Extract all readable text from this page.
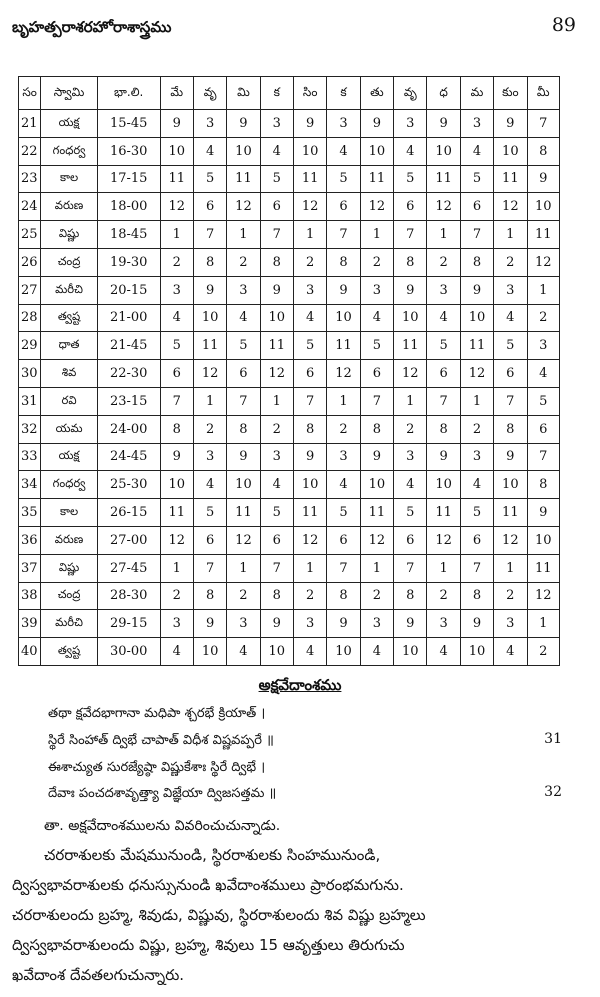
బృహత్పరాశరహోరాశాస్త్రము	89
సం	స్వామి	భా.లి.	మే	వృ	మి	క	సిం	క	తు	వృ	ధ	మ	కుం	మీ
21	యక్ష	15-45	9	3	9	3	9	3	9	3	9	3	9	7
22	గంధర్వ	16-30	10	4	10	4	10	4	10	4	10	4	10	8
23	కాల	17-15	11	5	11	5	11	5	11	5	11	5	11	9
24	వరుణ	18-00	12	6	12	6	12	6	12	6	12	6	12	10
25	విష్ణు	18-45	1	7	1	7	1	7	1	7	1	7	1	11
26	చంద్ర	19-30	2	8	2	8	2	8	2	8	2	8	2	12
27	మరీచి	20-15	3	9	3	9	3	9	3	9	3	9	3	1
28	త్వష్ట	21-00	4	10	4	10	4	10	4	10	4	10	4	2
29	ధాత	21-45	5	11	5	11	5	11	5	11	5	11	5	3
30	శివ	22-30	6	12	6	12	6	12	6	12	6	12	6	4
31	రవి	23-15	7	1	7	1	7	1	7	1	7	1	7	5
32	యమ	24-00	8	2	8	2	8	2	8	2	8	2	8	6
33	యక్ష	24-45	9	3	9	3	9	3	9	3	9	3	9	7
34	గంధర్వ	25-30	10	4	10	4	10	4	10	4	10	4	10	8
35	కాల	26-15	11	5	11	5	11	5	11	5	11	5	11	9
36	వరుణ	27-00	12	6	12	6	12	6	12	6	12	6	12	10
37	విష్ణు	27-45	1	7	1	7	1	7	1	7	1	7	1	11
38	చంద్ర	28-30	2	8	2	8	2	8	2	8	2	8	2	12
39	మరీచి	29-15	3	9	3	9	3	9	3	9	3	9	3	1
40	త్వష్ట	30-00	4	10	4	10	4	10	4	10	4	10	4	2
అక్షవేదాంశము
తథా క్షవేదభాగానా మధిపా శ్చరభే క్రియాత్ ।
స్థిరే సింహాత్ ద్విభే చాపాత్ విధీశ విష్ణవప్పరే ॥	31
ఈశాచ్యుత సురజ్యేష్ఠా విష్ణుకేశాః స్థిరే ద్విభే ।
దేవాః పంచదశావృత్త్యా విజ్ఞేయా ద్విజసత్తమ ॥	32
తా. అక్షవేదాంశములను వివరించుచున్నాడు.
చరరాశులకు మేషమునుండి, స్థిరరాశులకు సింహమునుండి,
ద్విస్వభావరాశులకు ధనుస్సునుండి ఖవేదాంశములు ప్రారంభమగును.
చరరాశులందు బ్రహ్మ, శివుడు, విష్ణువు, స్థిరరాశులందు శివ విష్ణు బ్రహ్మలు
ద్విస్వభావరాశులందు విష్ణు, బ్రహ్మ, శివులు 15 ఆవృత్తులు తిరుగుచు
ఖవేదాంశ దేవతలగుచున్నారు.
